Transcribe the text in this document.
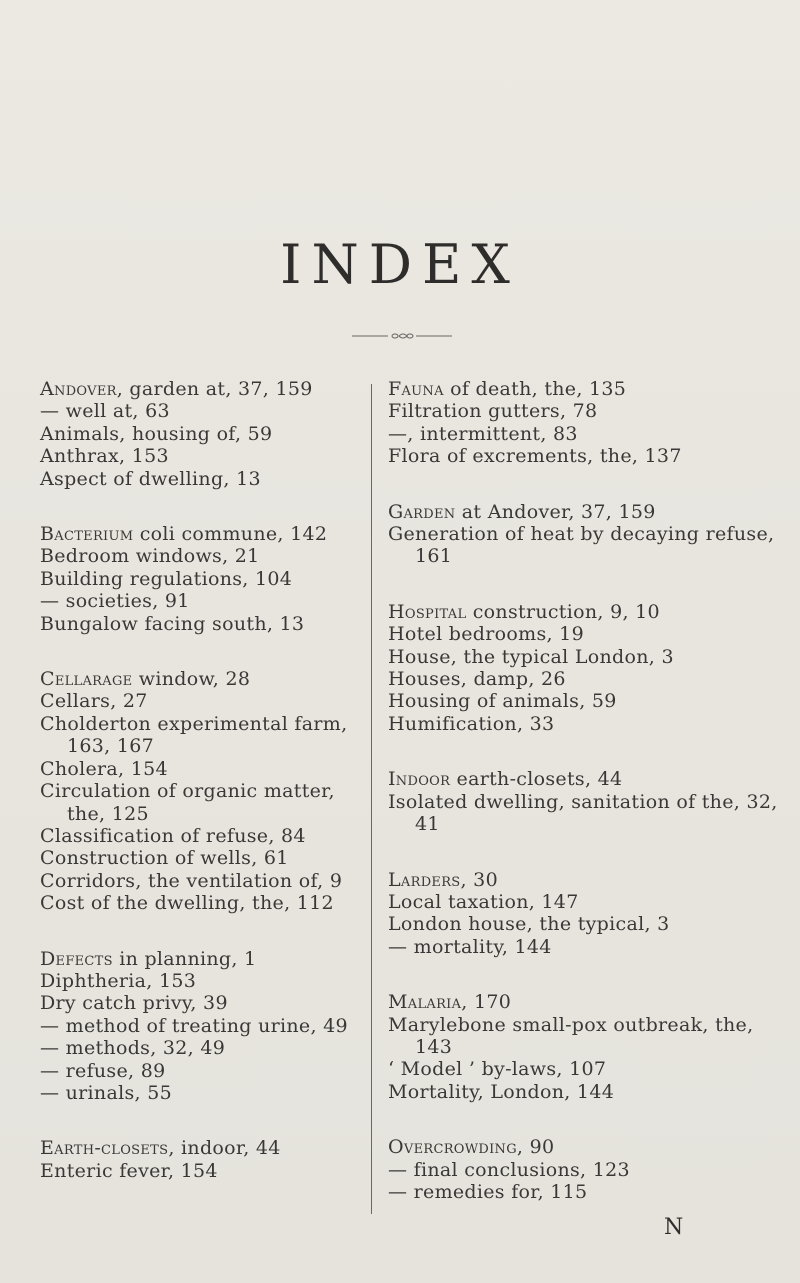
INDEX
Andover, garden at, 37, 159
— well at, 63
Animals, housing of, 59
Anthrax, 153
Aspect of dwelling, 13
Bacterium coli commune, 142
Bedroom windows, 21
Building regulations, 104
— societies, 91
Bungalow facing south, 13
Cellarage window, 28
Cellars, 27
Cholderton experimental farm, 163, 167
Cholera, 154
Circulation of organic matter, the, 125
Classification of refuse, 84
Construction of wells, 61
Corridors, the ventilation of, 9
Cost of the dwelling, the, 112
Defects in planning, 1
Diphtheria, 153
Dry catch privy, 39
— method of treating urine, 49
— methods, 32, 49
— refuse, 89
— urinals, 55
Earth-closets, indoor, 44
Enteric fever, 154
Fauna of death, the, 135
Filtration gutters, 78
—, intermittent, 83
Flora of excrements, the, 137
Garden at Andover, 37, 159
Generation of heat by decaying refuse, 161
Hospital construction, 9, 10
Hotel bedrooms, 19
House, the typical London, 3
Houses, damp, 26
Housing of animals, 59
Humification, 33
Indoor earth-closets, 44
Isolated dwelling, sanitation of the, 32, 41
Larders, 30
Local taxation, 147
London house, the typical, 3
— mortality, 144
Malaria, 170
Marylebone small-pox outbreak, the, 143
‘ Model ’ by-laws, 107
Mortality, London, 144
Overcrowding, 90
— final conclusions, 123
— remedies for, 115
N
